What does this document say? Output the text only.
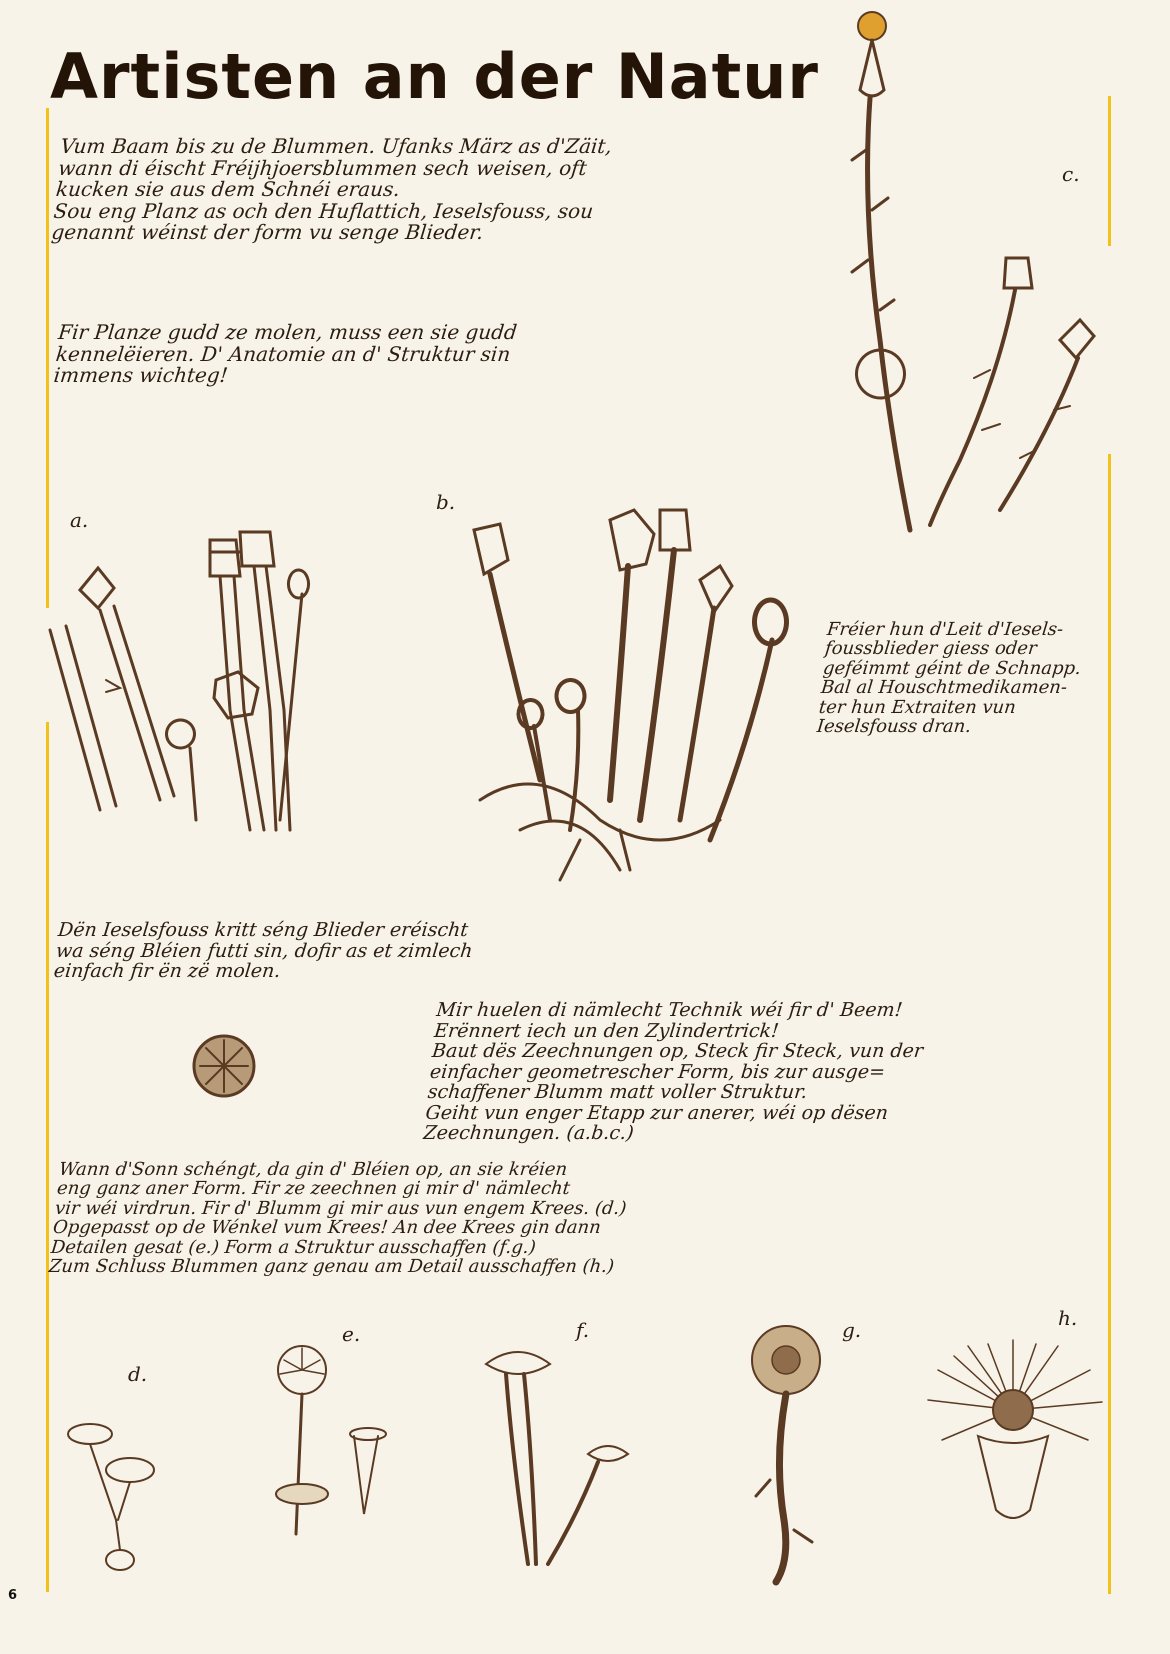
Artisten an der Natur

Vum Baam bis zu de Blummen. Ufanks März as d'Zäit,

wann di éischt Fréijhjoersblummen sech weisen, oft

kucken sie aus dem Schnéi eraus.

Sou eng Planz as och den Huflattich, Ieselsfouss, sou

genannt wéinst der form vu senge Blieder.

Fir Planze gudd ze molen, muss een sie gudd

kennelëieren. D' Anatomie an d' Struktur sin

immens wichteg!

Fréier hun d'Leit d'Iesels-

foussblieder giess oder

geféimmt géint de Schnapp.

Bal al Houschtmedikamen-

ter hun Extraiten vun

Ieselsfouss dran.

Dën Ieselsfouss kritt séng Blieder eréischt

wa séng Bléien futti sin, dofir as et zimlech

einfach fir ën zë molen.

Mir huelen di nämlecht Technik wéi fir d' Beem!

Erënnert iech un den Zylindertrick!

Baut dës Zeechnungen op, Steck fir Steck, vun der

einfacher geometrescher Form, bis zur ausge=

schaffener Blumm matt voller Struktur.

Geiht vun enger Etapp zur anerer, wéi op dësen

Zeechnungen. (a.b.c.)

Wann d'Sonn schéngt, da gin d' Bléien op, an sie kréien

eng ganz aner Form. Fir ze zeechnen gi mir d' nämlecht

vir wéi virdrun. Fir d' Blumm gi mir aus vun engem Krees. (d.)

Opgepasst op de Wénkel vum Krees! An dee Krees gin dann

Detailen gesat (e.) Form a Struktur ausschaffen (f.g.)

Zum Schluss Blummen ganz genau am Detail ausschaffen (h.)

a.
b.
c.
d.
e.	f.	g.	h.
6
